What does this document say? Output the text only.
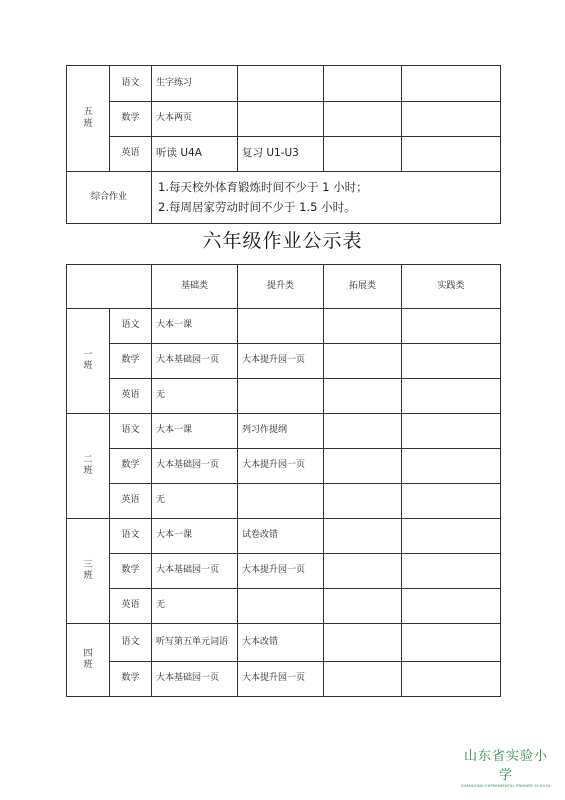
五
班	语文	生字练习			
	数学	大本两页			
	英语	听读 U4A	复习 U1-U3		
综合作业		1.每天校外体育锻炼时间不少于 1 小时；
2.每周居家劳动时间不少于 1.5 小时。			
六年级作业公示表
		基础类	提升类	拓展类	实践类

一
班	语文	大本一课			
	数学	大本基础园一页	大本提升园一页		
	英语	无			

二
班	语文	大本一课	列习作提纲		
	数学	大本基础园一页	大本提升园一页		
	英语	无			

三
班	语文	大本一课	试卷改错		
	数学	大本基础园一页	大本提升园一页		
	英语	无			

四
班	语文	听写第五单元词语	大本改错		
	数学	大本基础园一页	大本提升园一页		
山东省实验小学
SHANDONG EXPERIMENTAL PRIMARY SCHOOL
